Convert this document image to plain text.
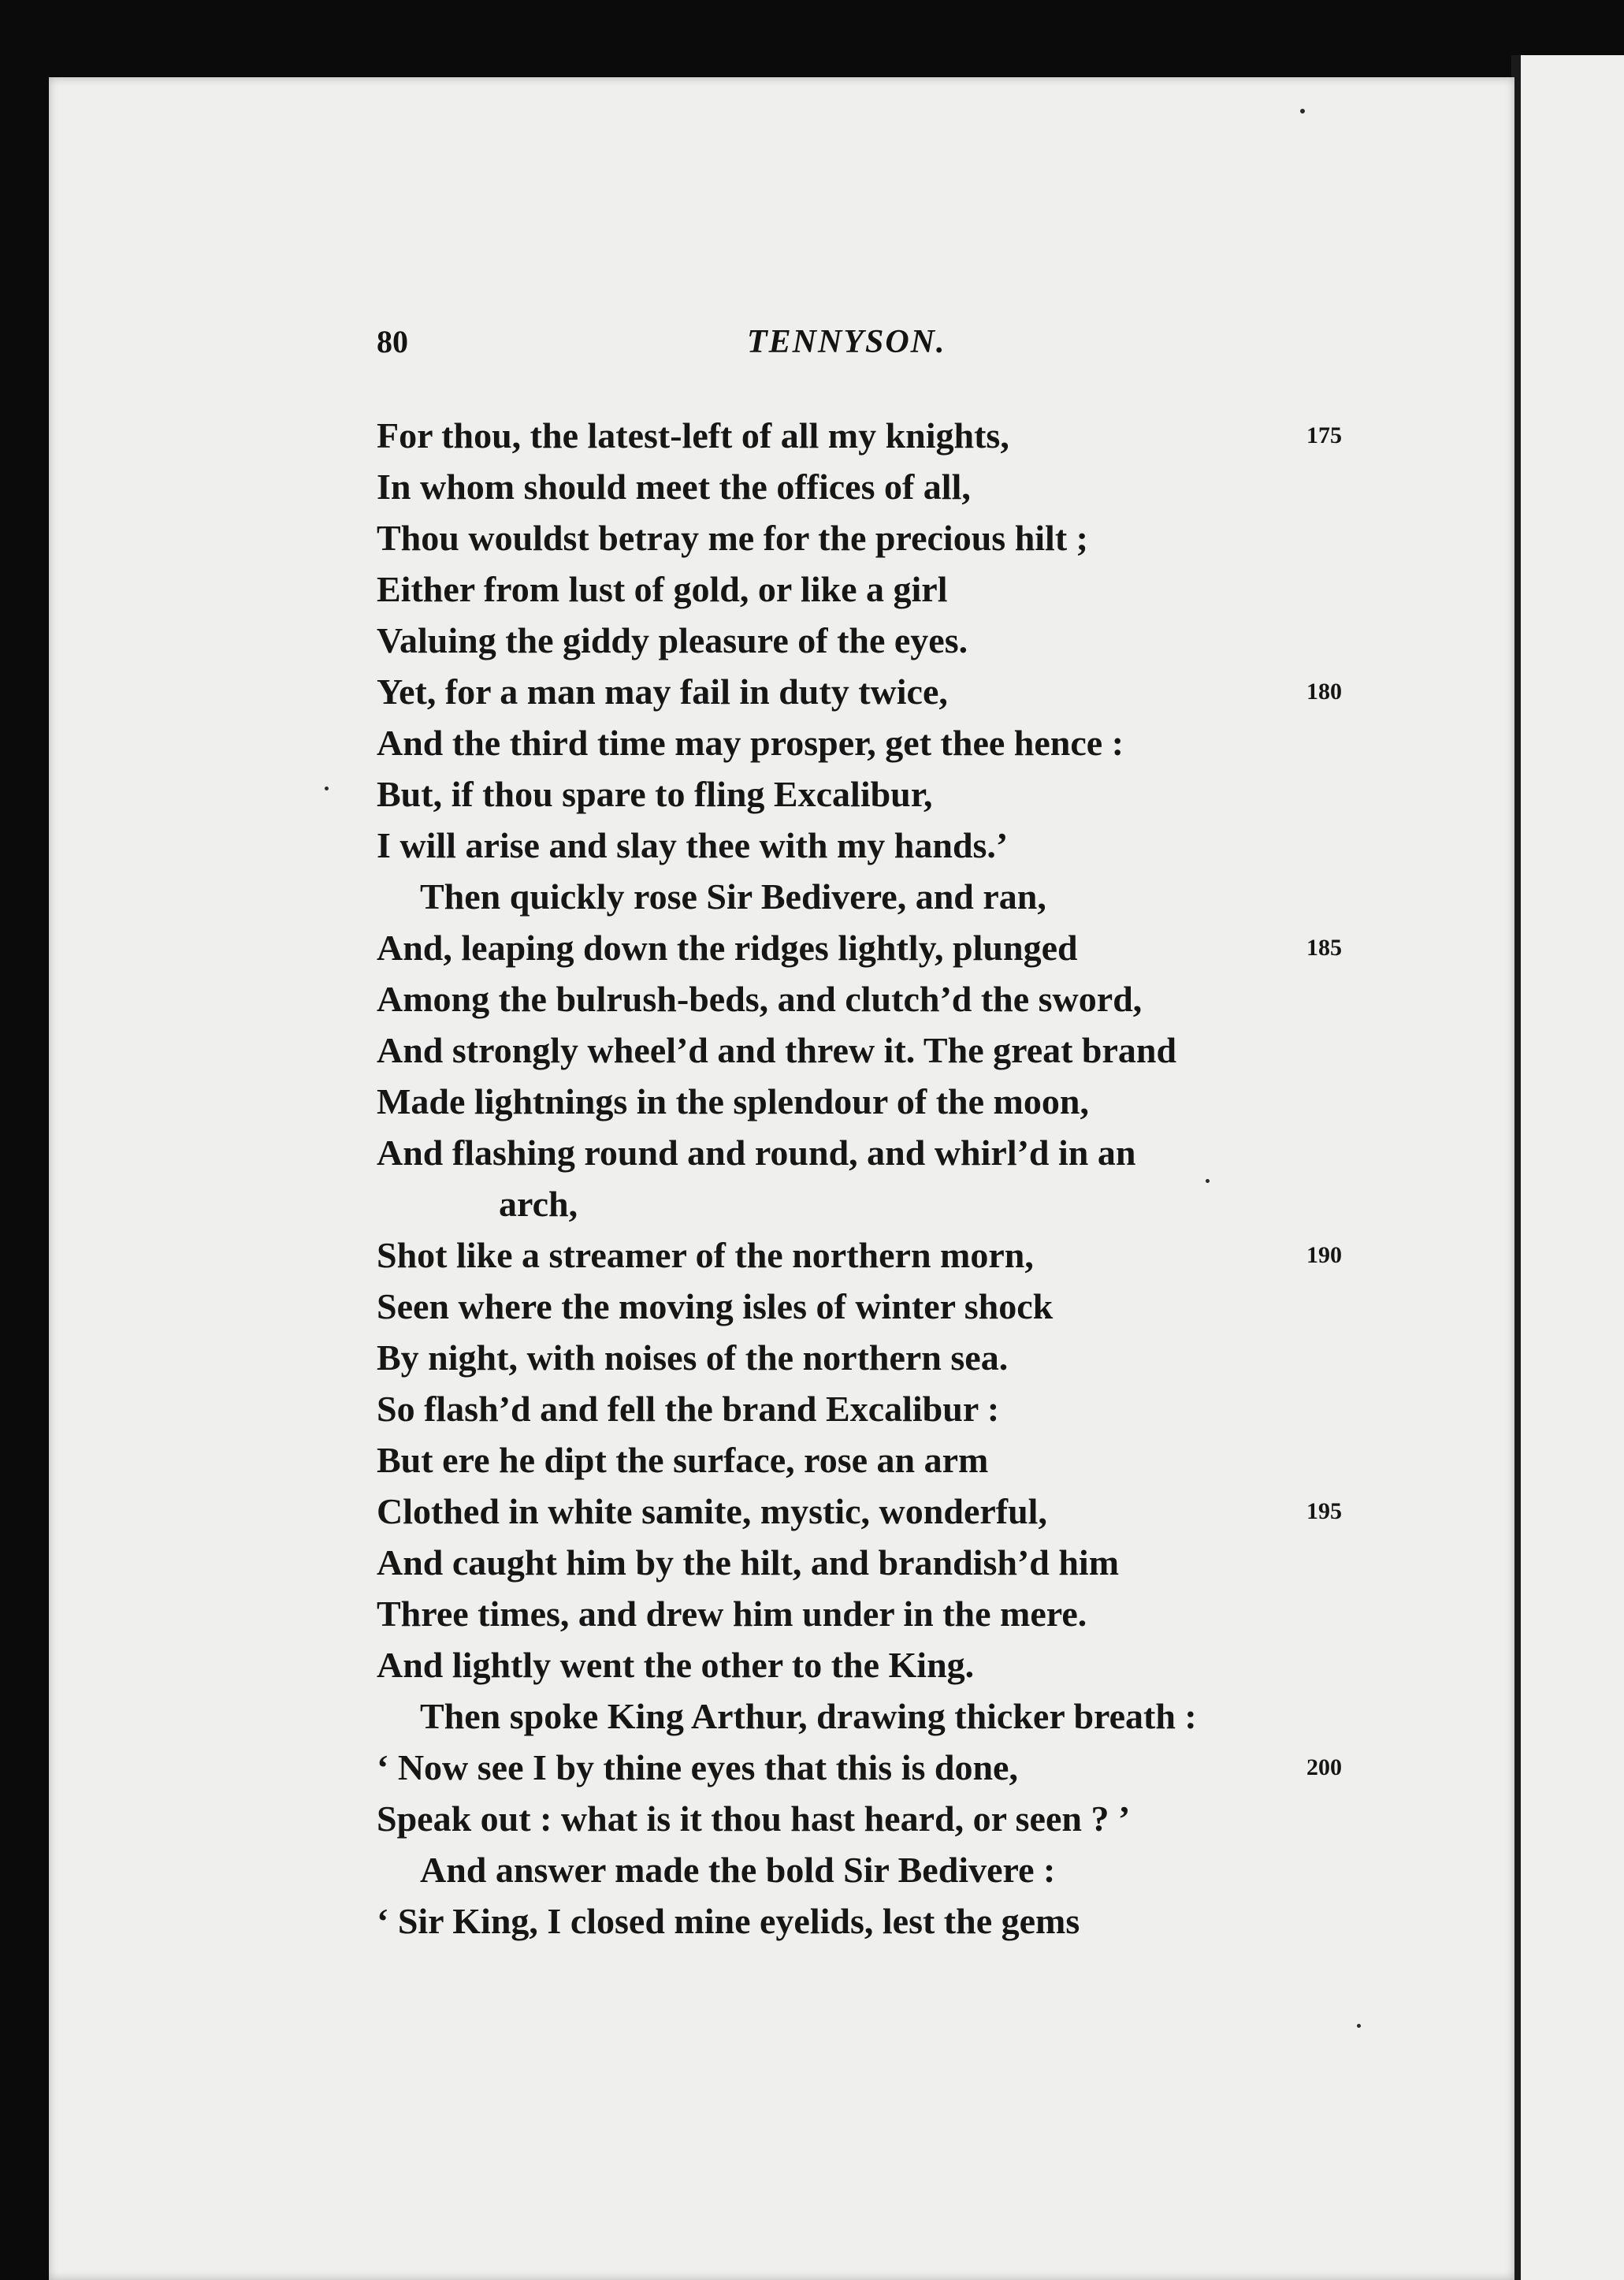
80	TENNYSON.
For thou, the latest-left of all my knights,	175
In whom should meet the offices of all,
Thou wouldst betray me for the precious hilt ;
Either from lust of gold, or like a girl
Valuing the giddy pleasure of the eyes.
Yet, for a man may fail in duty twice,	180
And the third time may prosper, get thee hence :
But, if thou spare to fling Excalibur,
I will arise and slay thee with my hands.’
Then quickly rose Sir Bedivere, and ran,
And, leaping down the ridges lightly, plunged	185
Among the bulrush-beds, and clutch’d the sword,
And strongly wheel’d and threw it. The great brand
Made lightnings in the splendour of the moon,
And flashing round and round, and whirl’d in an
arch,
Shot like a streamer of the northern morn,	190
Seen where the moving isles of winter shock
By night, with noises of the northern sea.
So flash’d and fell the brand Excalibur :
But ere he dipt the surface, rose an arm
Clothed in white samite, mystic, wonderful,	195
And caught him by the hilt, and brandish’d him
Three times, and drew him under in the mere.
And lightly went the other to the King.
Then spoke King Arthur, drawing thicker breath :
‘ Now see I by thine eyes that this is done,	200
Speak out : what is it thou hast heard, or seen ? ’
And answer made the bold Sir Bedivere :
‘ Sir King, I closed mine eyelids, lest the gems
